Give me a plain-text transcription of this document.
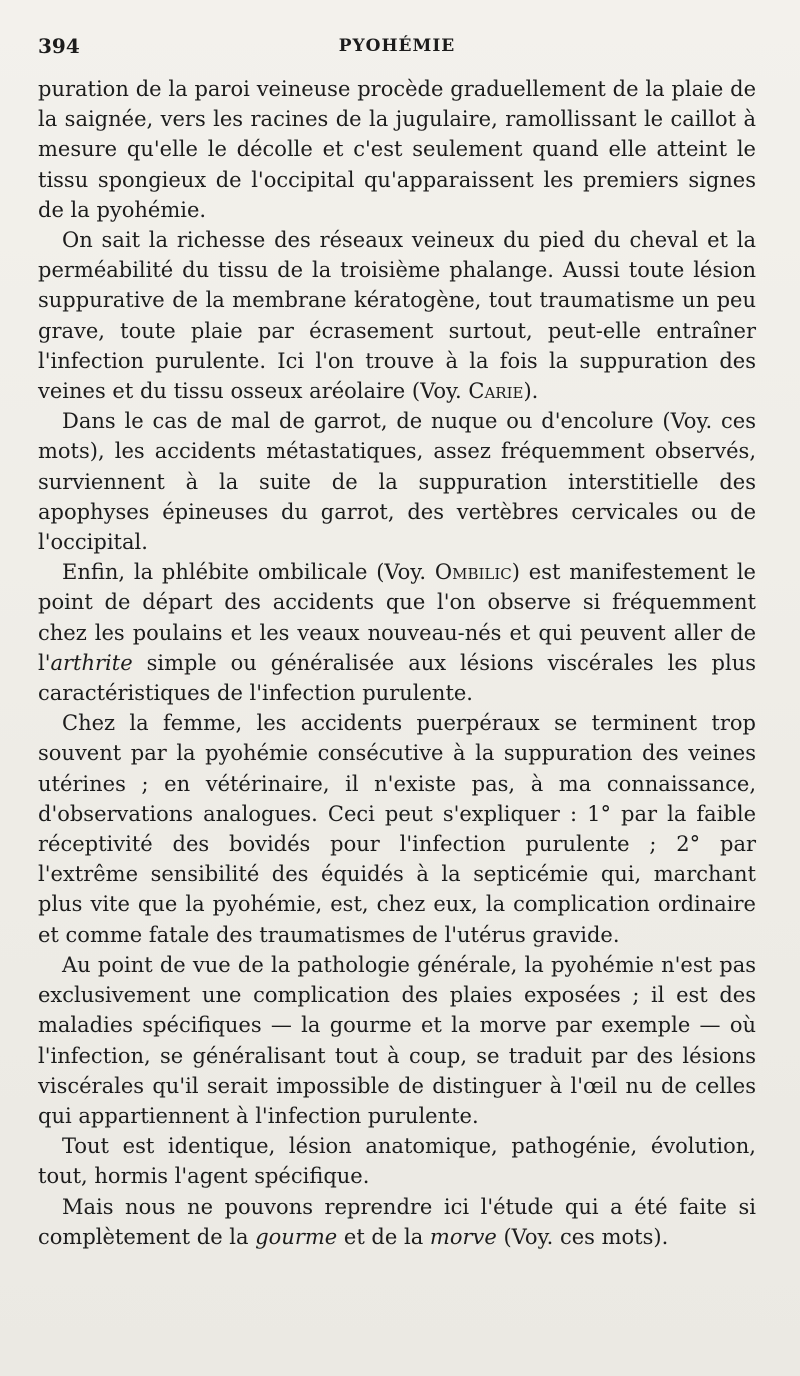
394	PYOHÉMIE

puration de la paroi veineuse procède graduellement de la plaie de la saignée, vers les racines de la jugulaire, ramollissant le caillot à mesure qu'elle le décolle et c'est seulement quand elle atteint le tissu spongieux de l'occipital qu'apparaissent les premiers signes de la pyohémie.

On sait la richesse des réseaux veineux du pied du cheval et la perméabilité du tissu de la troisième phalange. Aussi toute lésion suppurative de la membrane kératogène, tout traumatisme un peu grave, toute plaie par écrasement surtout, peut-elle entraîner l'infection purulente. Ici l'on trouve à la fois la suppuration des veines et du tissu osseux aréolaire (Voy. Carie).

Dans le cas de mal de garrot, de nuque ou d'encolure (Voy. ces mots), les accidents métastatiques, assez fréquemment observés, surviennent à la suite de la suppuration interstitielle des apophyses épineuses du garrot, des vertèbres cervicales ou de l'occipital.

Enfin, la phlébite ombilicale (Voy. Ombilic) est manifestement le point de départ des accidents que l'on observe si fréquemment chez les poulains et les veaux nouveau-nés et qui peuvent aller de l'arthrite simple ou généralisée aux lésions viscérales les plus caractéristiques de l'infection purulente.

Chez la femme, les accidents puerpéraux se terminent trop souvent par la pyohémie consécutive à la suppuration des veines utérines ; en vétérinaire, il n'existe pas, à ma connaissance, d'observations analogues. Ceci peut s'expliquer : 1° par la faible réceptivité des bovidés pour l'infection purulente ; 2° par l'extrême sensibilité des équidés à la septicémie qui, marchant plus vite que la pyohémie, est, chez eux, la complication ordinaire et comme fatale des traumatismes de l'utérus gravide.

Au point de vue de la pathologie générale, la pyohémie n'est pas exclusivement une complication des plaies exposées ; il est des maladies spécifiques — la gourme et la morve par exemple — où l'infection, se généralisant tout à coup, se traduit par des lésions viscérales qu'il serait impossible de distinguer à l'œil nu de celles qui appartiennent à l'infection purulente.

Tout est identique, lésion anatomique, pathogénie, évolution, tout, hormis l'agent spécifique.

Mais nous ne pouvons reprendre ici l'étude qui a été faite si complètement de la gourme et de la morve (Voy. ces mots).
